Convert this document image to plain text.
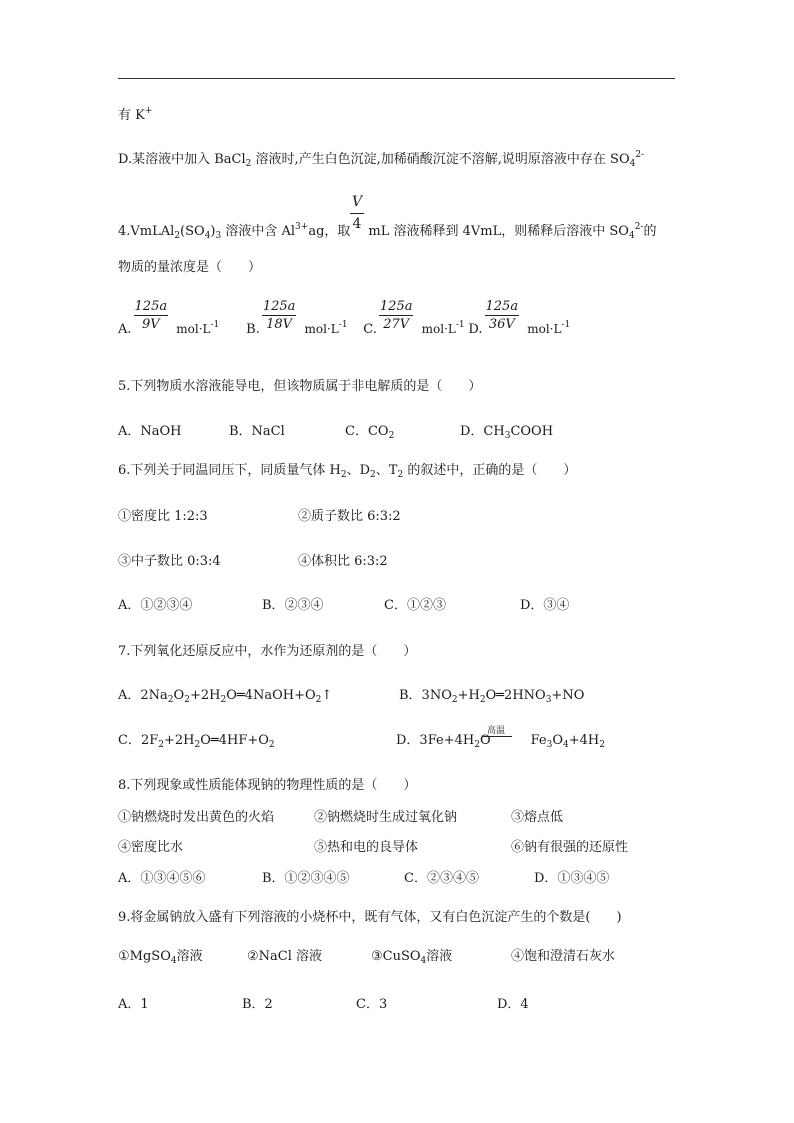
有 K+
D.某溶液中加入 BaCl$_2$ 溶液时,产生白色沉淀,加稀硝酸沉淀不溶解,说明原溶液中存在 $SO_4^{2-}$
$4.VmLAl_2(SO_4)_3$ 溶液中含 $Al^{3+}ag$，取 mL 溶液稀释到 4VmL，则稀释后溶液中 $SO_4^{2-}$的
$\frac{V}{4}$
物质的量浓度是（　　）
A. $\frac{125a}{9V} mol\cdot L^{-1}$ B. $\frac{125a}{18V} mol\cdot L^{-1}$ C. $\frac{125a}{27V} mol\cdot L^{-1}$ D. $\frac{125a}{36V} mol\cdot L^{-1}$
5.下列物质水溶液能导电，但该物质属于非电解质的是（　　）
A．NaOH	B．NaCl	C．$CO_2$	D．$CH_3COOH$
6.下列关于同温同压下，同质量气体 $H_2$、$D_2$、$T_2$ 的叙述中，正确的是（　　）
①密度比 1:2:3	②质子数比 6:3:2
③中子数比 0:3:4	④体积比 6:3:2
A．①②③④	B．②③④	C．①②③	D．③④
7.下列氧化还原反应中，水作为还原剂的是（　　）
A．$2Na_2O_2+2H_2O═4NaOH+O_2↑$	B．$3NO_2+H_2O═2HNO_3+NO$
C．$2F_2+2H_2O═4HF+O_2$	D．$3Fe+4H_2O$	$Fe_3O_4+4H_2$
高温
8.下列现象或性质能体现钠的物理性质的是（　　）
①钠燃烧时发出黄色的火焰	②钠燃烧时生成过氧化钠	③熔点低
④密度比水	⑤热和电的良导体	⑥钠有很强的还原性
A．①③④⑤⑥	B．①②③④⑤	C．②③④⑤	D．①③④⑤
9.将金属钠放入盛有下列溶液的小烧杯中，既有气体，又有白色沉淀产生的个数是(　　)
①MgSO$_4$溶液	②NaCl 溶液	③CuSO$_4$溶液	④饱和澄清石灰水
A．1	B．2	C．3	D．4
